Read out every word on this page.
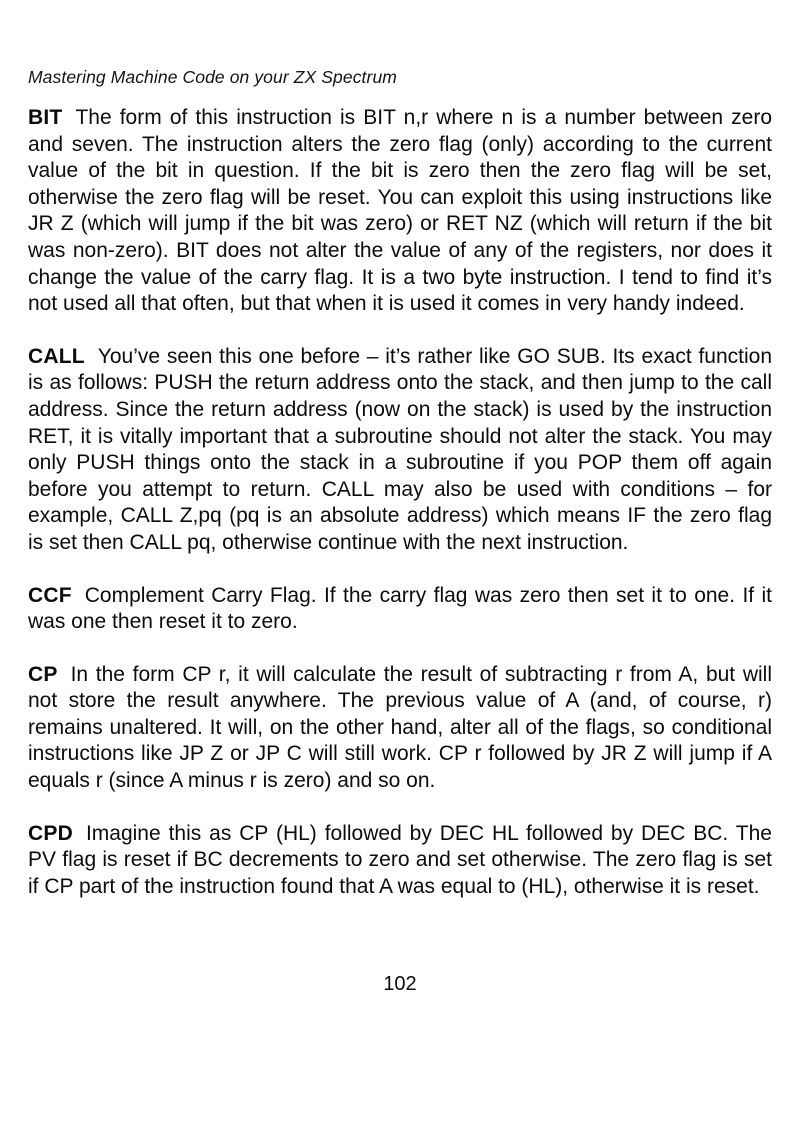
Mastering Machine Code on your ZX Spectrum

BIT The form of this instruction is BIT n,r where n is a number between zero and seven. The instruction alters the zero flag (only) according to the current value of the bit in question. If the bit is zero then the zero flag will be set, otherwise the zero flag will be reset. You can exploit this using instructions like JR Z (which will jump if the bit was zero) or RET NZ (which will return if the bit was non-zero). BIT does not alter the value of any of the registers, nor does it change the value of the carry flag. It is a two byte instruction. I tend to find it’s not used all that often, but that when it is used it comes in very handy indeed.

CALL You’ve seen this one before – it’s rather like GO SUB. Its exact function is as follows: PUSH the return address onto the stack, and then jump to the call address. Since the return address (now on the stack) is used by the instruction RET, it is vitally important that a subroutine should not alter the stack. You may only PUSH things onto the stack in a subroutine if you POP them off again before you attempt to return. CALL may also be used with conditions – for example, CALL Z,pq (pq is an absolute address) which means IF the zero flag is set then CALL pq, otherwise continue with the next instruction.

CCF Complement Carry Flag. If the carry flag was zero then set it to one. If it was one then reset it to zero.

CP In the form CP r, it will calculate the result of subtracting r from A, but will not store the result anywhere. The previous value of A (and, of course, r) remains unaltered. It will, on the other hand, alter all of the flags, so conditional instructions like JP Z or JP C will still work. CP r followed by JR Z will jump if A equals r (since A minus r is zero) and so on.

CPD Imagine this as CP (HL) followed by DEC HL followed by DEC BC. The PV flag is reset if BC decrements to zero and set otherwise. The zero flag is set if CP part of the instruction found that A was equal to (HL), otherwise it is reset.

102
